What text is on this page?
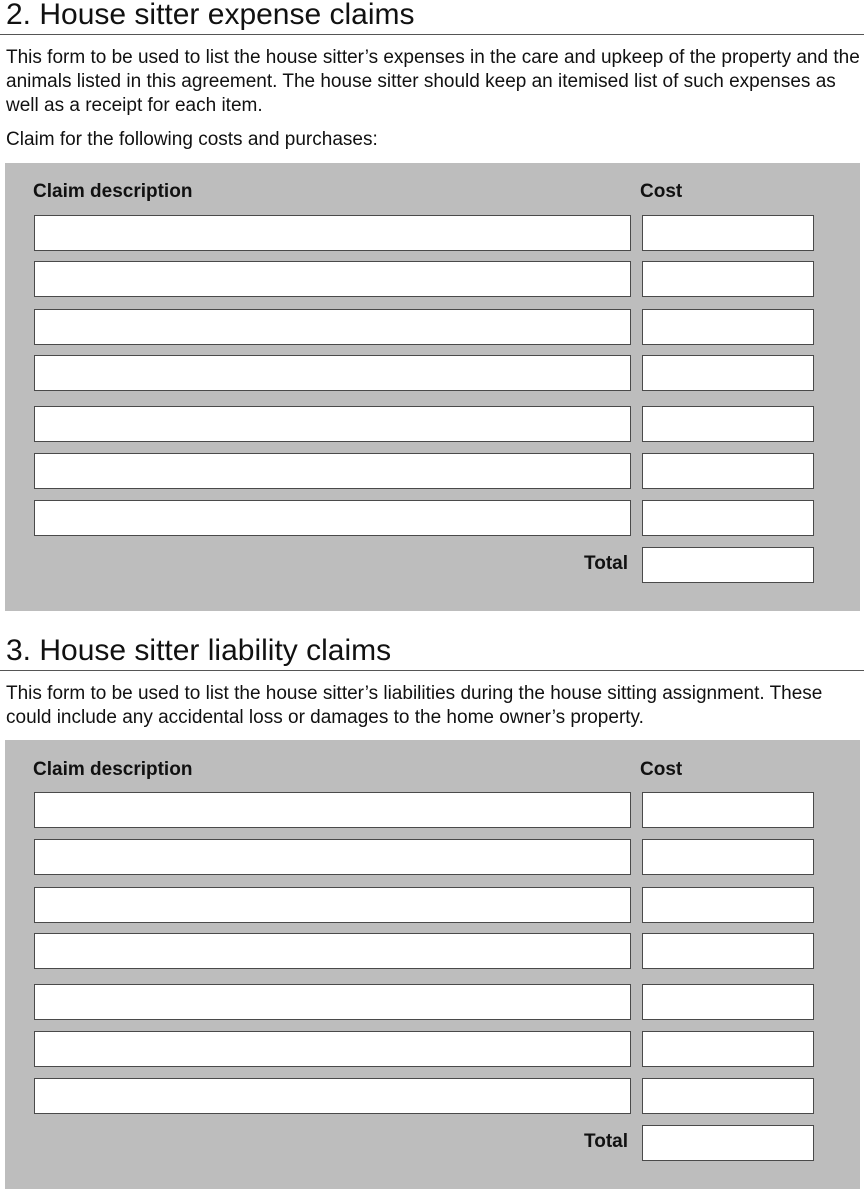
2. House sitter expense claims

This form to be used to list the house sitter’s expenses in the care and upkeep of the property and the animals listed in this agreement. The house sitter should keep an itemised list of such expenses as well as a receipt for each item.

Claim for the following costs and purchases:

Claim description	Cost
Total
3. House sitter liability claims

This form to be used to list the house sitter’s liabilities during the house sitting assignment. These could include any accidental loss or damages to the home owner’s property.

Claim description	Cost
Total
